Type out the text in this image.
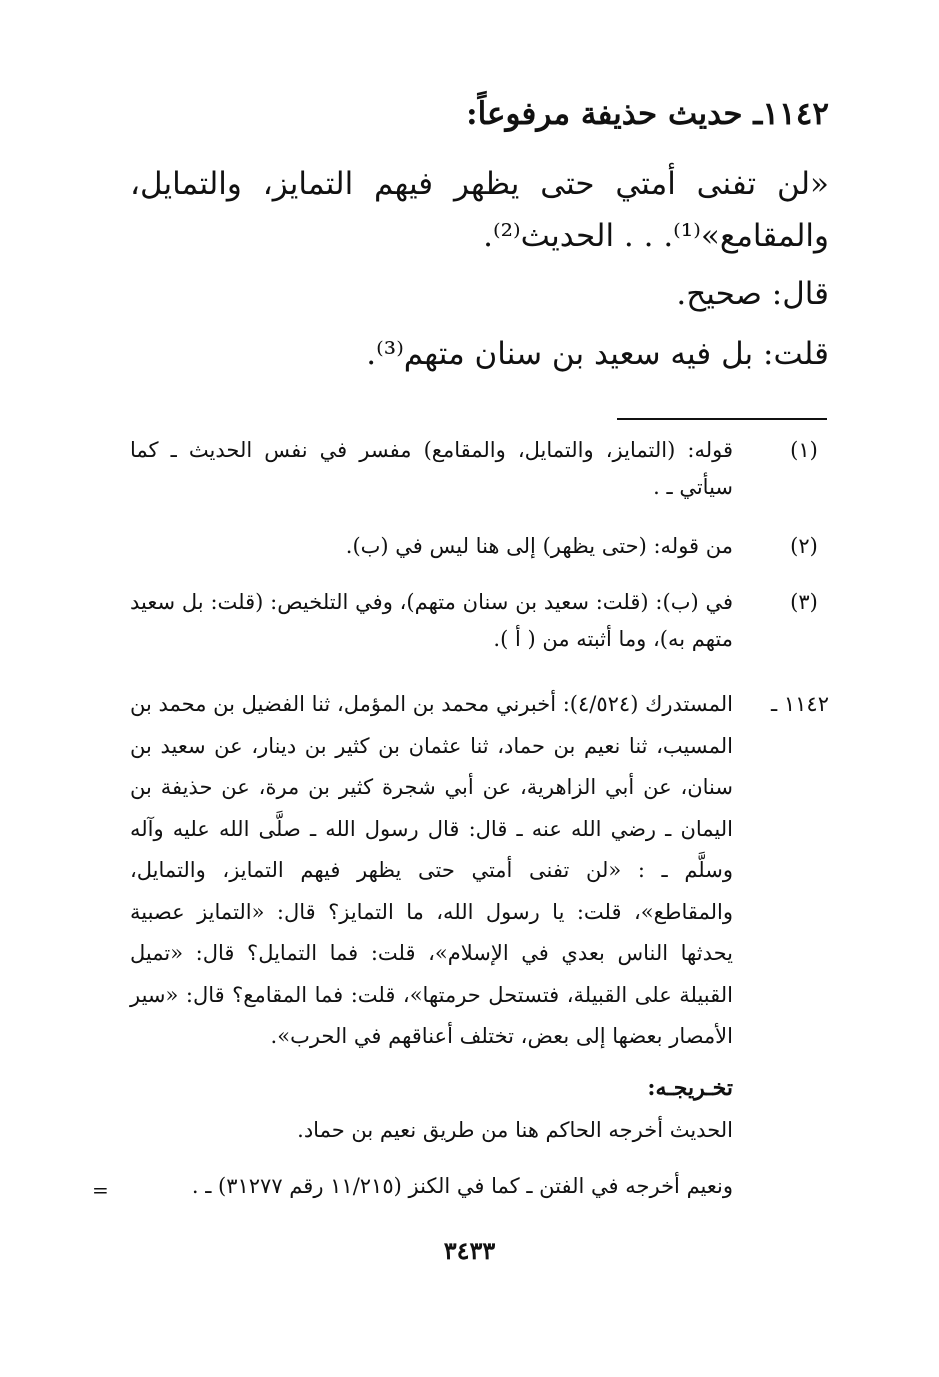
١١٤٢ـ حديث حذيفة مرفوعاً:
«لن تفنى أمتي حتى يظهر فيهم التمايز، والتمايل، والمقامع»⁽¹⁾. . . الحديث⁽²⁾.
قال: صحيح.
قلت: بل فيه سعيد بن سنان متهم⁽³⁾.
(١)
قوله: (التمايز، والتمايل، والمقامع) مفسر في نفس الحديث ـ كما سيأتي ـ .
(٢)
من قوله: (حتى يظهر) إلى هنا ليس في (ب).
(٣)
في (ب): (قلت: سعيد بن سنان متهم)، وفي التلخيص: (قلت: بل سعيد متهم به)، وما أثبته من ( أ ).
١١٤٢ ـ
المستدرك (٤/٥٢٤): أخبرني محمد بن المؤمل، ثنا الفضيل بن محمد بن المسيب، ثنا نعيم بن حماد، ثنا عثمان بن كثير بن دينار، عن سعيد بن سنان، عن أبي الزاهرية، عن أبي شجرة كثير بن مرة، عن حذيفة بن اليمان ـ رضي الله عنه ـ قال: قال رسول الله ـ صلَّى الله عليه وآله وسلَّم ـ : «لن تفنى أمتي حتى يظهر فيهم التمايز، والتمايل، والمقاطع»، قلت: يا رسول الله، ما التمايز؟ قال: «التمايز عصبية يحدثها الناس بعدي في الإسلام»، قلت: فما التمايل؟ قال: «تميل القبيلة على القبيلة، فتستحل حرمتها»، قلت: فما المقامع؟ قال: «سير الأمصار بعضها إلى بعض، تختلف أعناقهم في الحرب».
تخـريجـه:
الحديث أخرجه الحاكم هنا من طريق نعيم بن حماد.
ونعيم أخرجه في الفتن ـ كما في الكنز (١١/٢١٥ رقم ٣١٢٧٧) ـ .
=
٣٤٣٣
